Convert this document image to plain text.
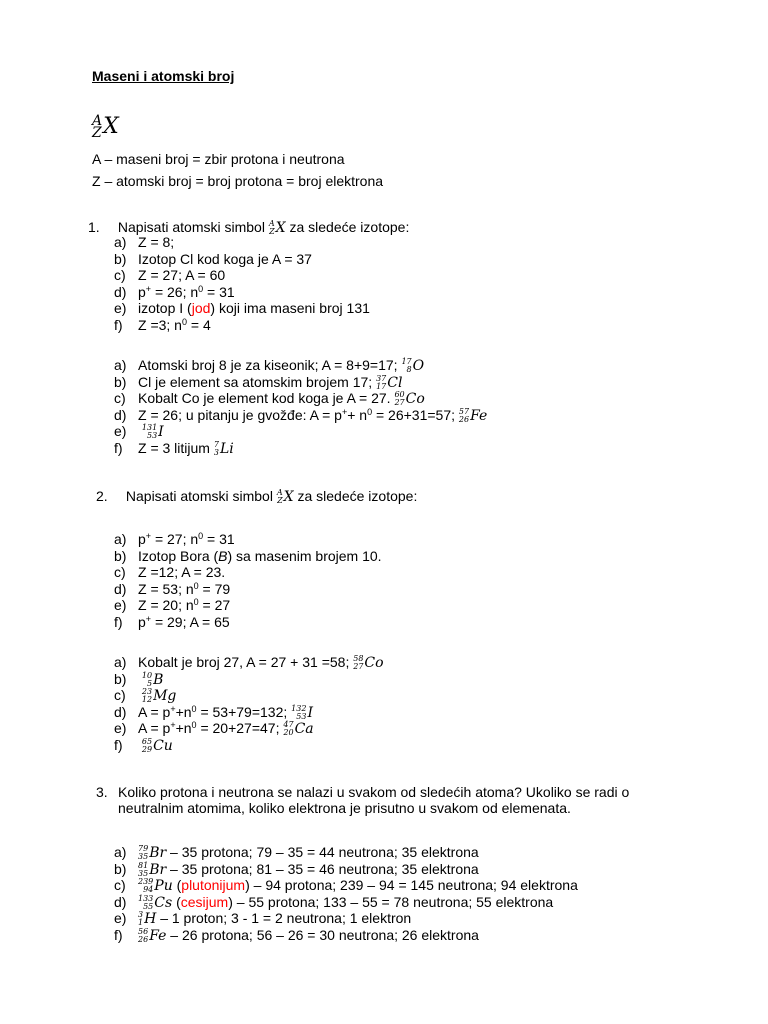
Maseni i atomski broj
A
ZX
A – maseni broj = zbir protona i neutrona
Z – atomski broj = broj protona = broj elektrona
1. Napisati atomski simbol A
Z X za sledeće izotope:
a) Z = 8;
b) Izotop Cl kod koga je A = 37
c) Z = 27; A = 60
d) p+ = 26; $n^0 = 31$
e) izotop I (jod) koji ima maseni broj 131
f) Z =3; $n^0 = 4$
a) Atomski broj 8 je za kiseonik; A = 8+9=17; 17
8 O
b) Cl je element sa atomskim brojem 17; 37
17 Cl
c) Kobalt Co je element kod koga je A = 27. 60
27 Co
d) Z = 26; u pitanju je gvožđe: $A = p^++ n^0 = 26+31=57$; 57
26 Fe
e) 131
53 I
f) Z = 3 litijum 7
3 Li
2. Napisati atomski simbol A
Z X za sledeće izotope:
a) p+ = 27; $n^0 = 31$
b) Izotop Bora (B) sa masenim brojem 10.
c) Z =12; A = 23.
d) Z = 53; $n^0 = 79$
e) Z = 20; $n^0 = 27$
f) p+ = 29; A = 65
a) Kobalt je broj 27, A = 27 + 31 =58; 58
27 Co
b) 10
5 B
c) 23
12 Mg
d) $A = p^++n^0 = 53+79=132$; 132
53 I
e) $A = p^++n^0 = 20+27=47$; 47
20 Ca
f) 65
29 Cu
3. Koliko protona i neutrona se nalazi u svakom od sledećih atoma? Ukoliko se radi o neutralnim atomima, koliko elektrona je prisutno u svakom od elemenata.
a) 79
35 Br – 35 protona; 79 – 35 = 44 neutrona; 35 elektrona
b) 81
35 Br – 35 protona; 81 – 35 = 46 neutrona; 35 elektrona
c) 239
94 Pu (plutonijum) – 94 protona; 239 – 94 = 145 neutrona; 94 elektrona
d) 133
55 Cs (cesijum) – 55 protona; 133 – 55 = 78 neutrona; 55 elektrona
e) 3
1 H – 1 proton; 3 - 1 = 2 neutrona; 1 elektron
f) 56
26 Fe – 26 protona; 56 – 26 = 30 neutrona; 26 elektrona
